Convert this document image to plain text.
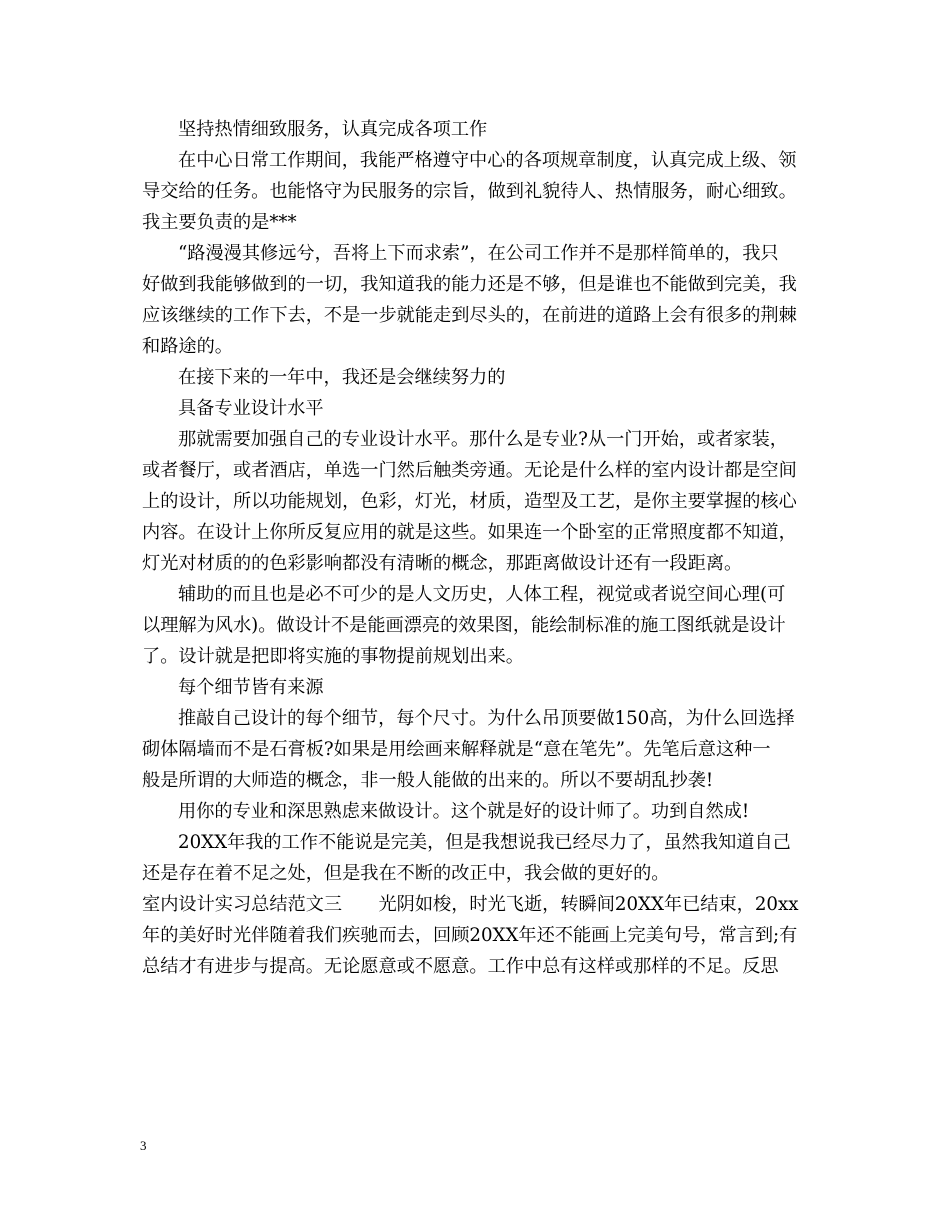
坚持热情细致服务，认真完成各项工作
在中心日常工作期间，我能严格遵守中心的各项规章制度，认真完成上级、领
导交给的任务。也能恪守为民服务的宗旨，做到礼貌待人、热情服务，耐心细致。
我主要负责的是***
“路漫漫其修远兮，吾将上下而求索”，在公司工作并不是那样简单的，我只
好做到我能够做到的一切，我知道我的能力还是不够，但是谁也不能做到完美，我
应该继续的工作下去，不是一步就能走到尽头的，在前进的道路上会有很多的荆棘
和路途的。
在接下来的一年中，我还是会继续努力的
具备专业设计水平
那就需要加强自己的专业设计水平。那什么是专业?从一门开始，或者家装，
或者餐厅，或者酒店，单选一门然后触类旁通。无论是什么样的室内设计都是空间
上的设计，所以功能规划，色彩，灯光，材质，造型及工艺，是你主要掌握的核心
内容。在设计上你所反复应用的就是这些。如果连一个卧室的正常照度都不知道，
灯光对材质的的色彩影响都没有清晰的概念，那距离做设计还有一段距离。
辅助的而且也是必不可少的是人文历史，人体工程，视觉或者说空间心理(可
以理解为风水)。做设计不是能画漂亮的效果图，能绘制标准的施工图纸就是设计
了。设计就是把即将实施的事物提前规划出来。
每个细节皆有来源
推敲自己设计的每个细节，每个尺寸。为什么吊顶要做150高，为什么回选择
砌体隔墙而不是石膏板?如果是用绘画来解释就是“意在笔先”。先笔后意这种一
般是所谓的大师造的概念，非一般人能做的出来的。所以不要胡乱抄袭!
用你的专业和深思熟虑来做设计。这个就是好的设计师了。功到自然成!
20XX年我的工作不能说是完美，但是我想说我已经尽力了，虽然我知道自己
还是存在着不足之处，但是我在不断的改正中，我会做的更好的。
室内设计实习总结范文三　　光阴如梭，时光飞逝，转瞬间20XX年已结束，20xx
年的美好时光伴随着我们疾驰而去，回顾20XX年还不能画上完美句号，常言到;有
总结才有进步与提高。无论愿意或不愿意。工作中总有这样或那样的不足。反思
3
